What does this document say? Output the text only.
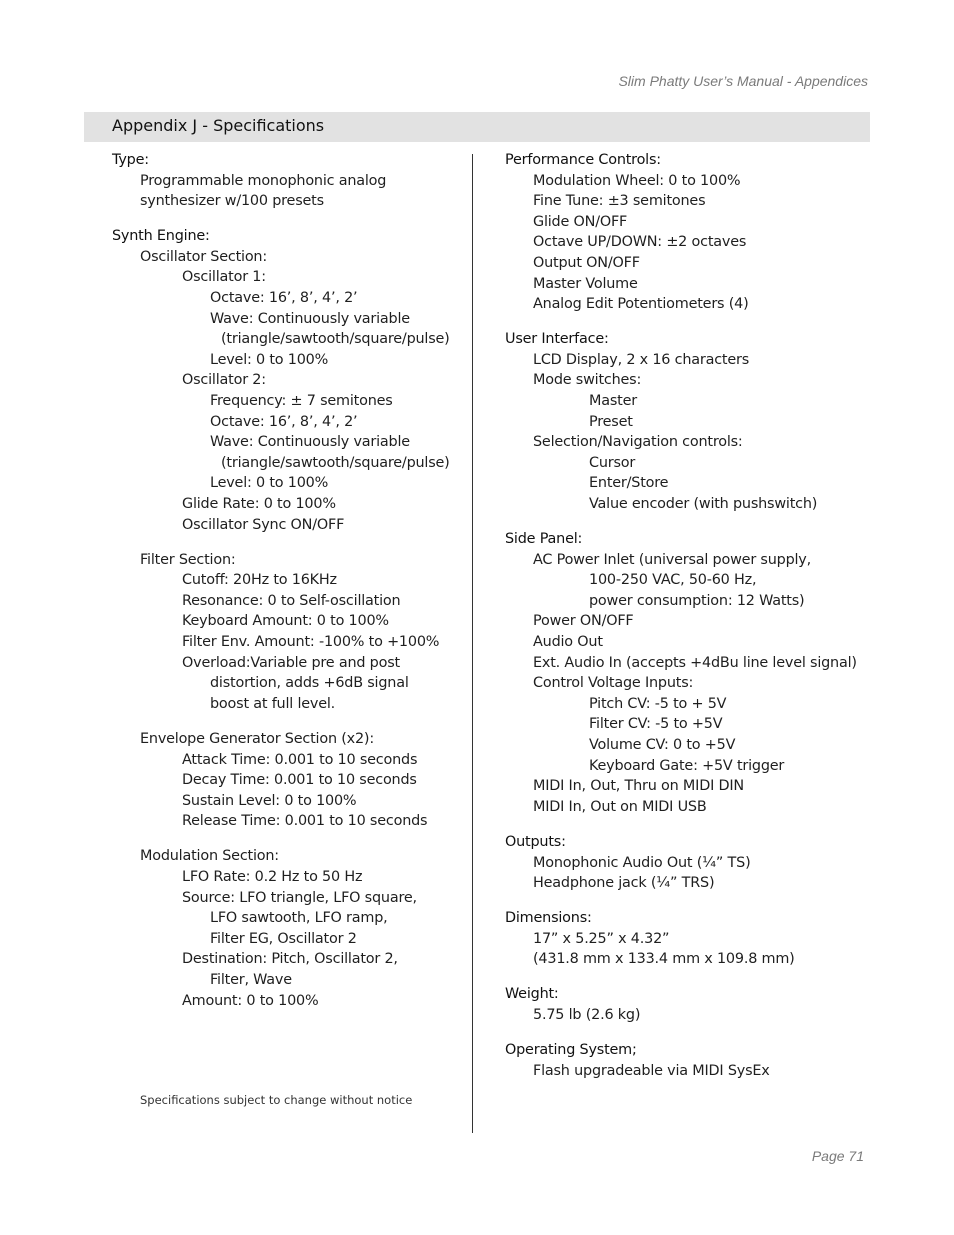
Slim Phatty User’s Manual - Appendices
Appendix J - Specifications
Type:
Programmable monophonic analog
synthesizer w/100 presets
Synth Engine:
Oscillator Section:
Oscillator 1:
Octave: 16’, 8’, 4’, 2’
Wave: Continuously variable
(triangle/sawtooth/square/pulse)
Level: 0 to 100%
Oscillator 2:
Frequency: ± 7 semitones
Octave: 16’, 8’, 4’, 2’
Wave: Continuously variable
(triangle/sawtooth/square/pulse)
Level: 0 to 100%
Glide Rate: 0 to 100%
Oscillator Sync ON/OFF
Filter Section:
Cutoff: 20Hz to 16KHz
Resonance: 0 to Self-oscillation
Keyboard Amount: 0 to 100%
Filter Env. Amount: -100% to +100%
Overload:Variable pre and post
distortion, adds +6dB signal
boost at full level.
Envelope Generator Section (x2):
Attack Time: 0.001 to 10 seconds
Decay Time: 0.001 to 10 seconds
Sustain Level: 0 to 100%
Release Time: 0.001 to 10 seconds
Modulation Section:
LFO Rate: 0.2 Hz to 50 Hz
Source: LFO triangle, LFO square,
LFO sawtooth, LFO ramp,
Filter EG, Oscillator 2
Destination: Pitch, Oscillator 2,
Filter, Wave
Amount: 0 to 100%
Performance Controls:
Modulation Wheel: 0 to 100%
Fine Tune: ±3 semitones
Glide ON/OFF
Octave UP/DOWN: ±2 octaves
Output ON/OFF
Master Volume
Analog Edit Potentiometers (4)
User Interface:
LCD Display, 2 x 16 characters
Mode switches:
Master
Preset
Selection/Navigation controls:
Cursor
Enter/Store
Value encoder (with pushswitch)
Side Panel:
AC Power Inlet (universal power supply,
100-250 VAC, 50-60 Hz,
power consumption: 12 Watts)
Power ON/OFF
Audio Out
Ext. Audio In (accepts +4dBu line level signal)
Control Voltage Inputs:
Pitch CV: -5 to + 5V
Filter CV: -5 to +5V
Volume CV: 0 to +5V
Keyboard Gate: +5V trigger
MIDI In, Out, Thru on MIDI DIN
MIDI In, Out on MIDI USB
Outputs:
Monophonic Audio Out (¼” TS)
Headphone jack (¼” TRS)
Dimensions:
17” x 5.25” x 4.32”
(431.8 mm x 133.4 mm x 109.8 mm)
Weight:
5.75 lb (2.6 kg)
Operating System;
Flash upgradeable via MIDI SysEx
Specifications subject to change without notice
Page 71
